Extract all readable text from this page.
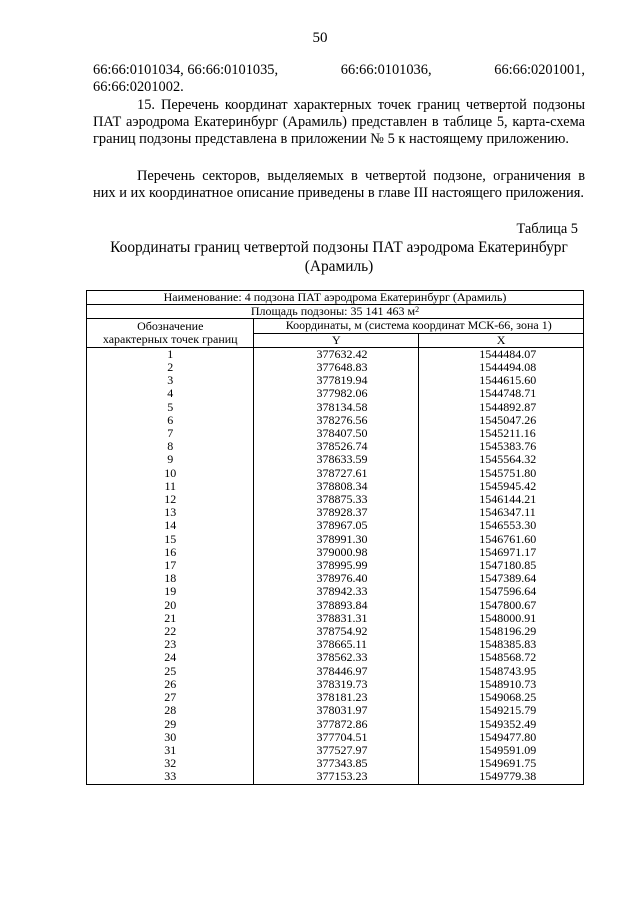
50
66:66:0101034, 66:66:0101035,	66:66:0101036,	66:66:0201001,
66:66:0201002.
15. Перечень координат характерных точек границ четвертой подзоны ПАТ аэродрома Екатеринбург (Арамиль) представлен в таблице 5, карта-схема границ подзоны представлена в приложении № 5 к настоящему приложению.
Перечень секторов, выделяемых в четвертой подзоне, ограничения в них и их координатное описание приведены в главе III настоящего приложения.
Таблица 5
Координаты границ четвертой подзоны ПАТ аэродрома Екатеринбург (Арамиль)
Наименование: 4 подзона ПАТ аэродрома Екатеринбург (Арамиль)		
Площадь подзоны: 35 141 463 $м^2$
Обозначение	Координаты, м (система координат МСК-66, зона 1)	
характерных точек границ	Y	X
1	377632.42	1544484.07
2	377648.83	1544494.08
3	377819.94	1544615.60
4	377982.06	1544748.71
5	378134.58	1544892.87
6	378276.56	1545047.26
7	378407.50	1545211.16
8	378526.74	1545383.76
9	378633.59	1545564.32
10	378727.61	1545751.80
11	378808.34	1545945.42
12	378875.33	1546144.21
13	378928.37	1546347.11
14	378967.05	1546553.30
15	378991.30	1546761.60
16	379000.98	1546971.17
17	378995.99	1547180.85
18	378976.40	1547389.64
19	378942.33	1547596.64
20	378893.84	1547800.67
21	378831.31	1548000.91
22	378754.92	1548196.29
23	378665.11	1548385.83
24	378562.33	1548568.72
25	378446.97	1548743.95
26	378319.73	1548910.73
27	378181.23	1549068.25
28	378031.97	1549215.79
29	377872.86	1549352.49
30	377704.51	1549477.80
31	377527.97	1549591.09
32	377343.85	1549691.75
33	377153.23	1549779.38
